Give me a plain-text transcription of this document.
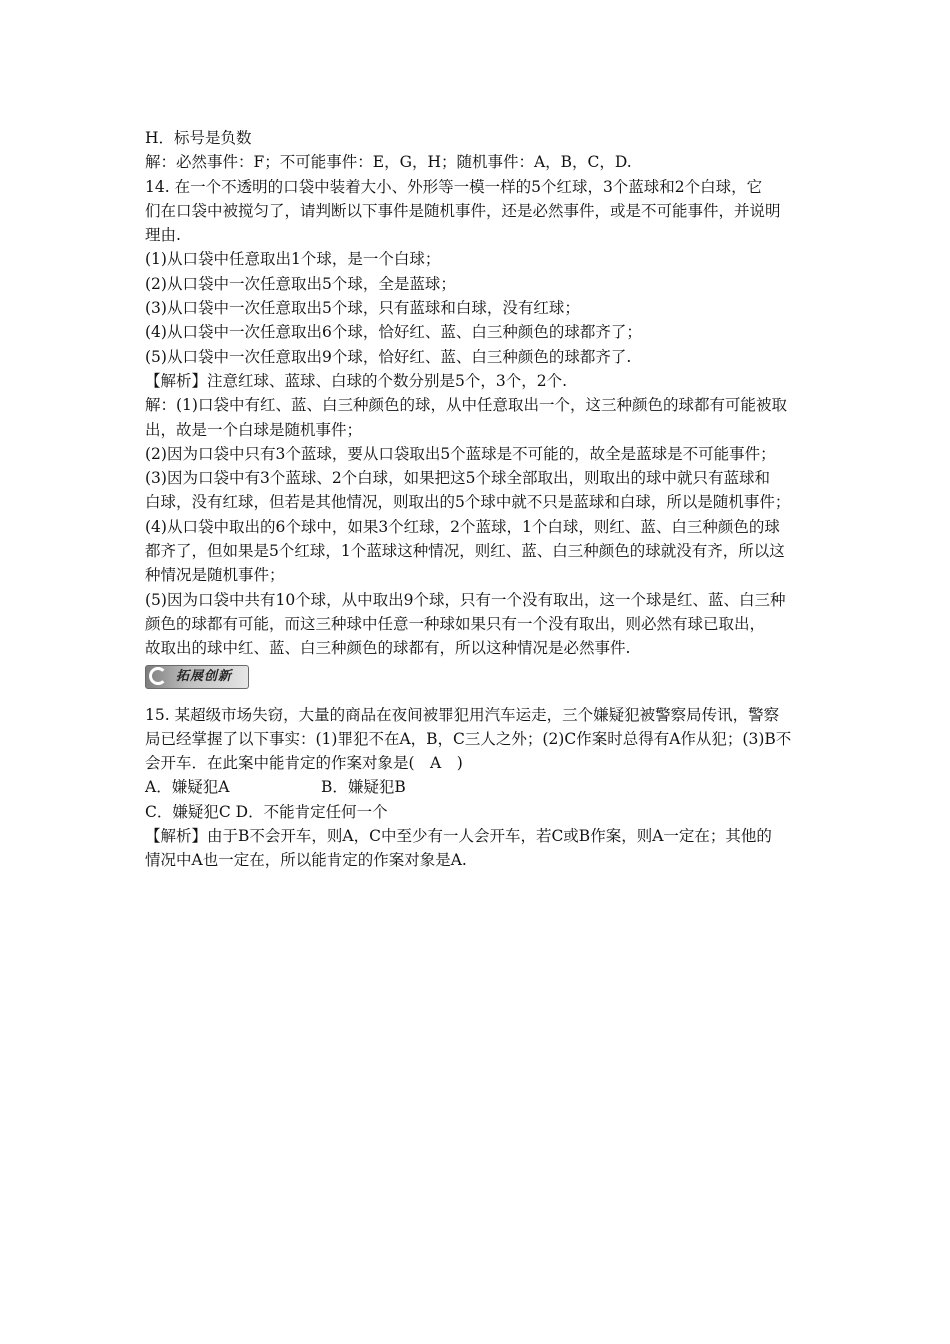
H．标号是负数
解：必然事件：F；不可能事件：E，G，H；随机事件：A，B，C，D.
14. 在一个不透明的口袋中装着大小、外形等一模一样的5个红球，3个蓝球和2个白球，它
们在口袋中被搅匀了，请判断以下事件是随机事件，还是必然事件，或是不可能事件，并说明
理由.
(1)从口袋中任意取出1个球，是一个白球；
(2)从口袋中一次任意取出5个球，全是蓝球；
(3)从口袋中一次任意取出5个球，只有蓝球和白球，没有红球；
(4)从口袋中一次任意取出6个球，恰好红、蓝、白三种颜色的球都齐了；
(5)从口袋中一次任意取出9个球，恰好红、蓝、白三种颜色的球都齐了.
【解析】注意红球、蓝球、白球的个数分别是5个，3个，2个.
解：(1)口袋中有红、蓝、白三种颜色的球，从中任意取出一个，这三种颜色的球都有可能被取
出，故是一个白球是随机事件；
(2)因为口袋中只有3个蓝球，要从口袋取出5个蓝球是不可能的，故全是蓝球是不可能事件；
(3)因为口袋中有3个蓝球、2个白球，如果把这5个球全部取出，则取出的球中就只有蓝球和
白球，没有红球，但若是其他情况，则取出的5个球中就不只是蓝球和白球，所以是随机事件；
(4)从口袋中取出的6个球中，如果3个红球，2个蓝球，1个白球，则红、蓝、白三种颜色的球
都齐了，但如果是5个红球，1个蓝球这种情况，则红、蓝、白三种颜色的球就没有齐，所以这
种情况是随机事件；
(5)因为口袋中共有10个球，从中取出9个球，只有一个没有取出，这一个球是红、蓝、白三种
颜色的球都有可能，而这三种球中任意一种球如果只有一个没有取出，则必然有球已取出，
故取出的球中红、蓝、白三种颜色的球都有，所以这种情况是必然事件.
拓展创新
15. 某超级市场失窃，大量的商品在夜间被罪犯用汽车运走，三个嫌疑犯被警察局传讯，警察
局已经掌握了以下事实：(1)罪犯不在A，B，C三人之外；(2)C作案时总得有A作从犯；(3)B不
会开车．在此案中能肯定的作案对象是(　A　)
A．嫌疑犯A	B．嫌疑犯B
C．嫌疑犯C D．不能肯定任何一个
【解析】由于B不会开车，则A，C中至少有一人会开车，若C或B作案，则A一定在；其他的
情况中A也一定在，所以能肯定的作案对象是A.
